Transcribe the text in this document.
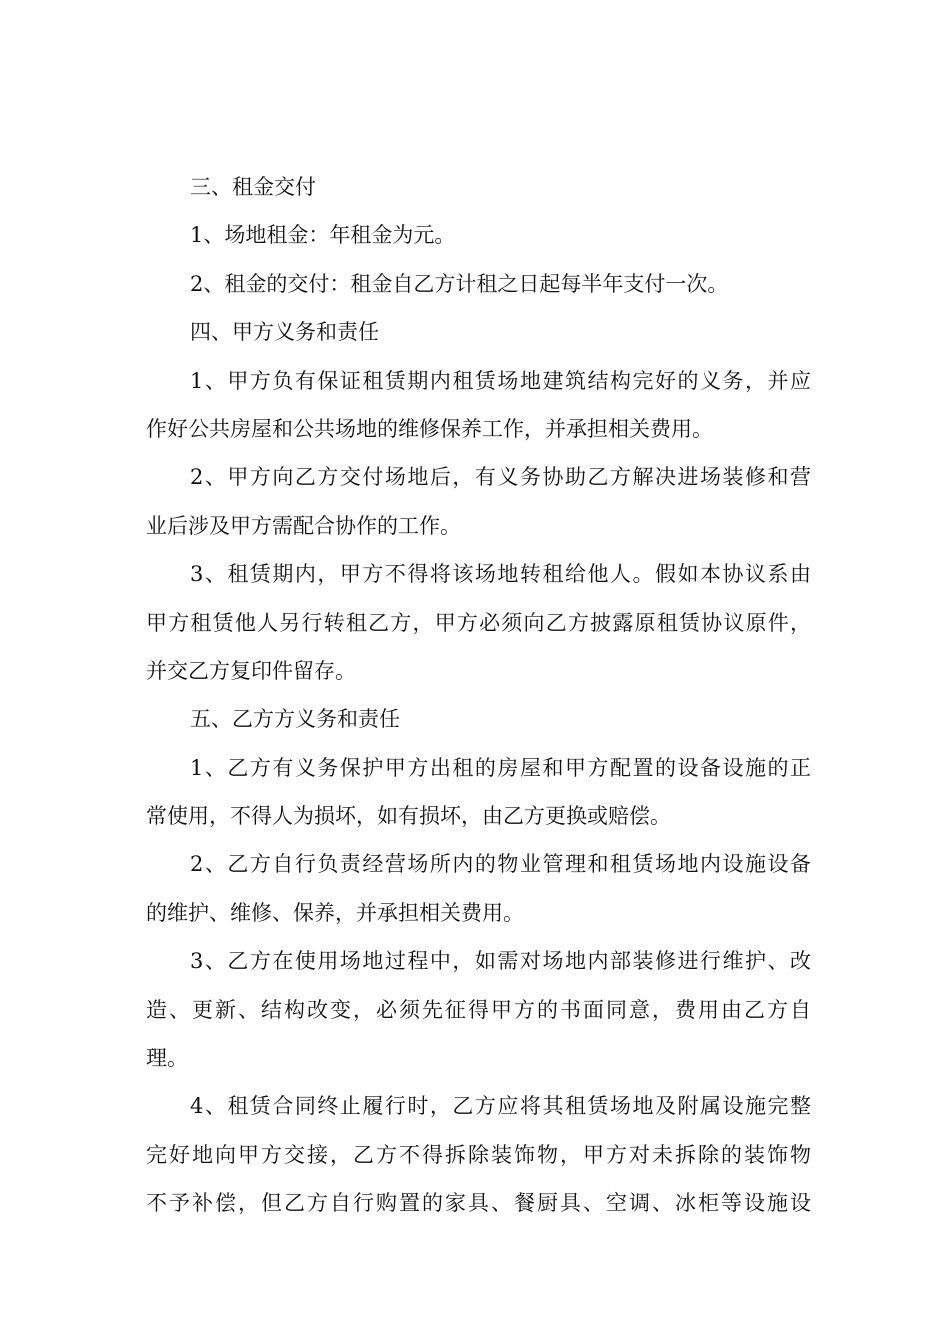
三、租金交付
1、场地租金：年租金为元。
2、租金的交付：租金自乙方计租之日起每半年支付一次。
四、甲方义务和责任
1、甲方负有保证租赁期内租赁场地建筑结构完好的义务，并应
作好公共房屋和公共场地的维修保养工作，并承担相关费用。
2、甲方向乙方交付场地后，有义务协助乙方解决进场装修和营
业后涉及甲方需配合协作的工作。
3、租赁期内，甲方不得将该场地转租给他人。假如本协议系由
甲方租赁他人另行转租乙方，甲方必须向乙方披露原租赁协议原件，
并交乙方复印件留存。
五、乙方方义务和责任
1、乙方有义务保护甲方出租的房屋和甲方配置的设备设施的正
常使用，不得人为损坏，如有损坏，由乙方更换或赔偿。
2、乙方自行负责经营场所内的物业管理和租赁场地内设施设备
的维护、维修、保养，并承担相关费用。
3、乙方在使用场地过程中，如需对场地内部装修进行维护、改
造、更新、结构改变，必须先征得甲方的书面同意，费用由乙方自
理。
4、租赁合同终止履行时，乙方应将其租赁场地及附属设施完整
完好地向甲方交接，乙方不得拆除装饰物，甲方对未拆除的装饰物
不予补偿，但乙方自行购置的家具、餐厨具、空调、冰柜等设施设
